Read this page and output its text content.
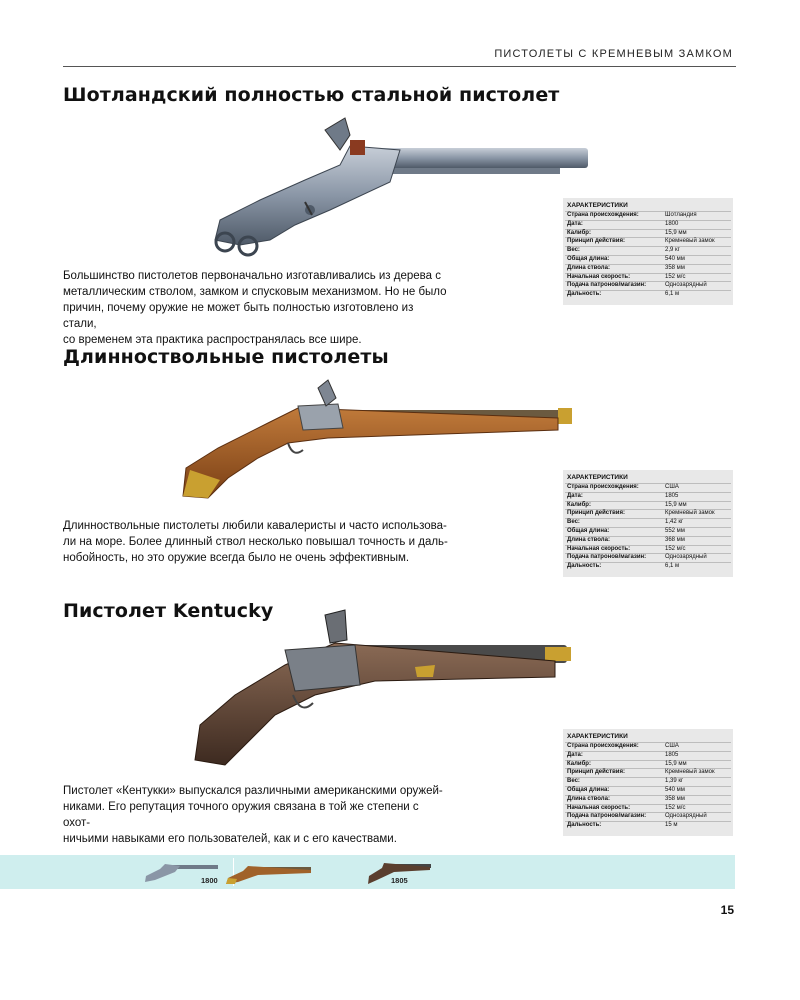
ПИСТОЛЕТЫ С КРЕМНЕВЫМ ЗАМКОМ
Шотландский полностью стальной пистолет
Большинство пистолетов первоначально изготавливались из дерева с
металлическим стволом, замком и спусковым механизмом. Но не было
причин, почему оружие не может быть полностью изготовлено из стали,
со временем эта практика распространялась все шире.
ХАРАКТЕРИСТИКИ
Страна происхождения:	Шотландия
Дата:	1800
Калибр:	15,9 мм
Принцип действия:	Кремневый замок
Вес:	2,9 кг
Общая длина:	540 мм
Длина ствола:	358 мм
Начальная скорость:	152 м/с
Подача патронов/магазин:	Однозарядный
Дальность:	6,1 м
Длинноствольные пистолеты
Длинноствольные пистолеты любили кавалеристы и часто использова-
ли на море. Более длинный ствол несколько повышал точность и даль-
нобойность, но это оружие всегда было не очень эффективным.
ХАРАКТЕРИСТИКИ
Страна происхождения:	США
Дата:	1805
Калибр:	15,9 мм
Принцип действия:	Кремневый замок
Вес:	1,42 кг
Общая длина:	552 мм
Длина ствола:	368 мм
Начальная скорость:	152 м/с
Подача патронов/магазин:	Однозарядный
Дальность:	6,1 м
Пистолет Kentucky
Пистолет «Кентукки» выпускался различными американскими оружей-
никами. Его репутация точного оружия связана в той же степени с охот-
ничьими навыками его пользователей, как и с его качествами.
ХАРАКТЕРИСТИКИ
Страна происхождения:	США
Дата:	1805
Калибр:	15,9 мм
Принцип действия:	Кремневый замок
Вес:	1,39 кг
Общая длина:	540 мм
Длина ствола:	358 мм
Начальная скорость:	152 м/с
Подача патронов/магазин:	Однозарядный
Дальность:	15 м
1800	1805
15
